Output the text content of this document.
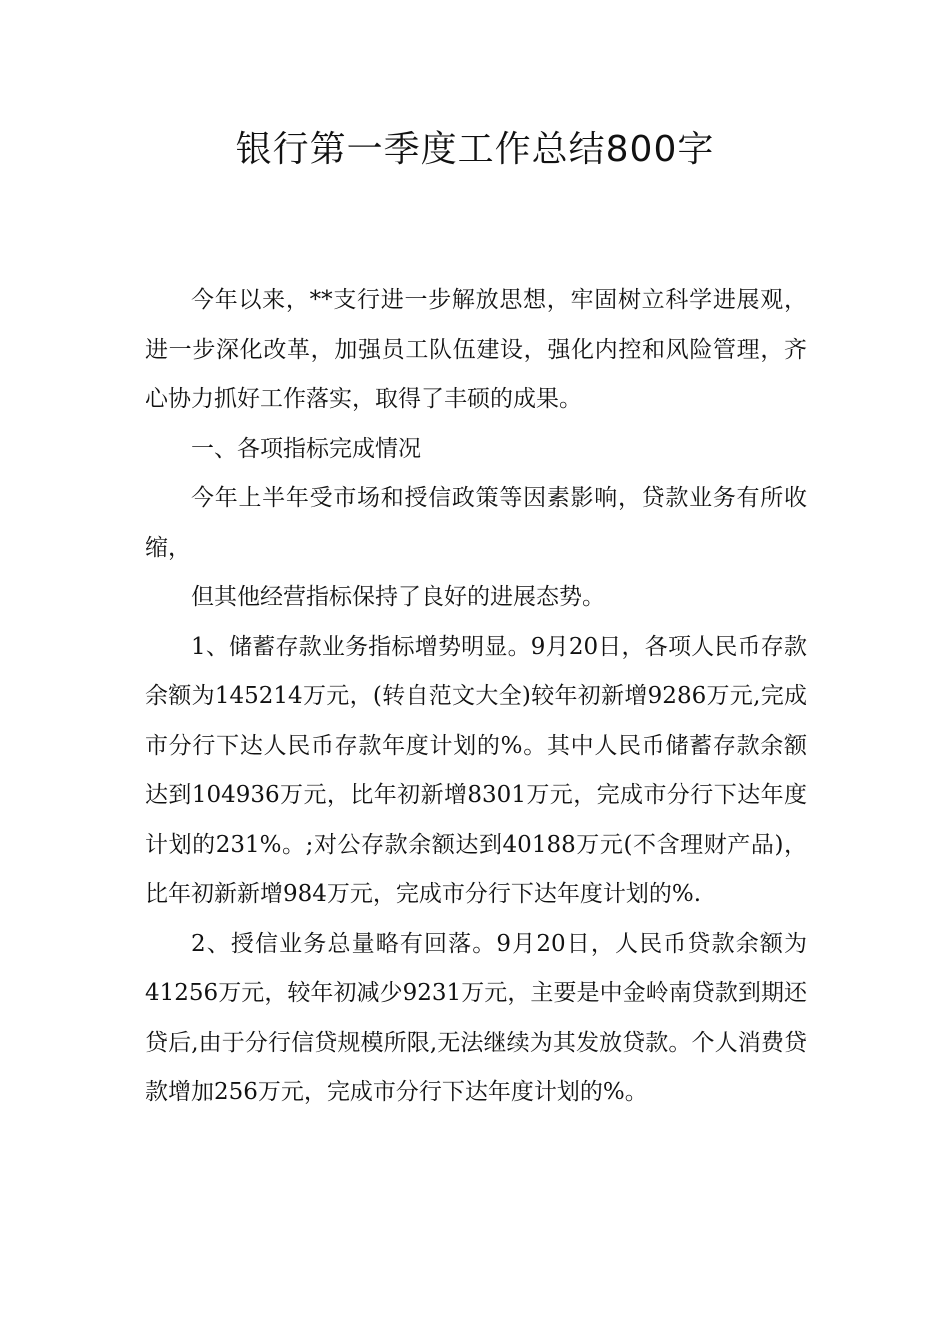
银行第一季度工作总结800字

今年以来，**支行进一步解放思想，牢固树立科学进展观，进一步深化改革，加强员工队伍建设，强化内控和风险管理，齐心协力抓好工作落实，取得了丰硕的成果。

一、各项指标完成情况

今年上半年受市场和授信政策等因素影响，贷款业务有所收缩，

但其他经营指标保持了良好的进展态势。

1、储蓄存款业务指标增势明显。9月20日，各项人民币存款余额为145214万元，(转自范文大全)较年初新增9286万元,完成市分行下达人民币存款年度计划的%。其中人民币储蓄存款余额达到104936万元，比年初新增8301万元，完成市分行下达年度计划的231%。;对公存款余额达到40188万元(不含理财产品)，比年初新新增984万元，完成市分行下达年度计划的%.

2、授信业务总量略有回落。9月20日，人民币贷款余额为41256万元，较年初减少9231万元，主要是中金岭南贷款到期还贷后,由于分行信贷规模所限,无法继续为其发放贷款。个人消费贷款增加256万元，完成市分行下达年度计划的%。
